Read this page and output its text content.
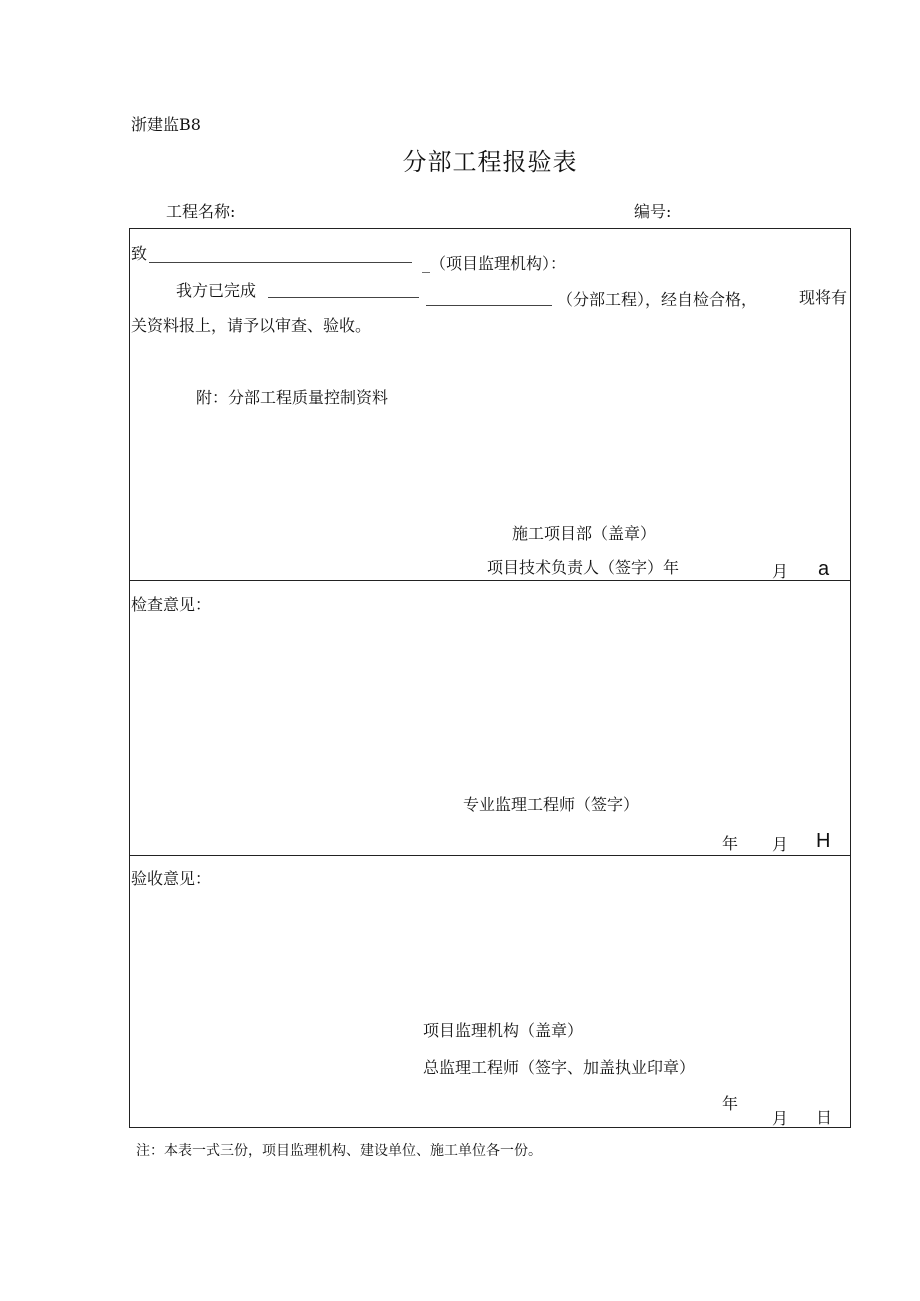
浙建监B8
分部工程报验表
工程名称:	编号:
致
_（项目监理机构）：
我方已完成	（分部工程），经自检合格，	现将有
关资料报上，请予以审查、验收。
附：分部工程质量控制资料
施工项目部（盖章）
项目技术负责人（签字）年	月 a
检查意见：
专业监理工程师（签字）
年 月 H
验收意见：
项目监理机构（盖章）
总监理工程师（签字、加盖执业印章）
年
月 日
注：本表一式三份，项目监理机构、建设单位、施工单位各一份。
